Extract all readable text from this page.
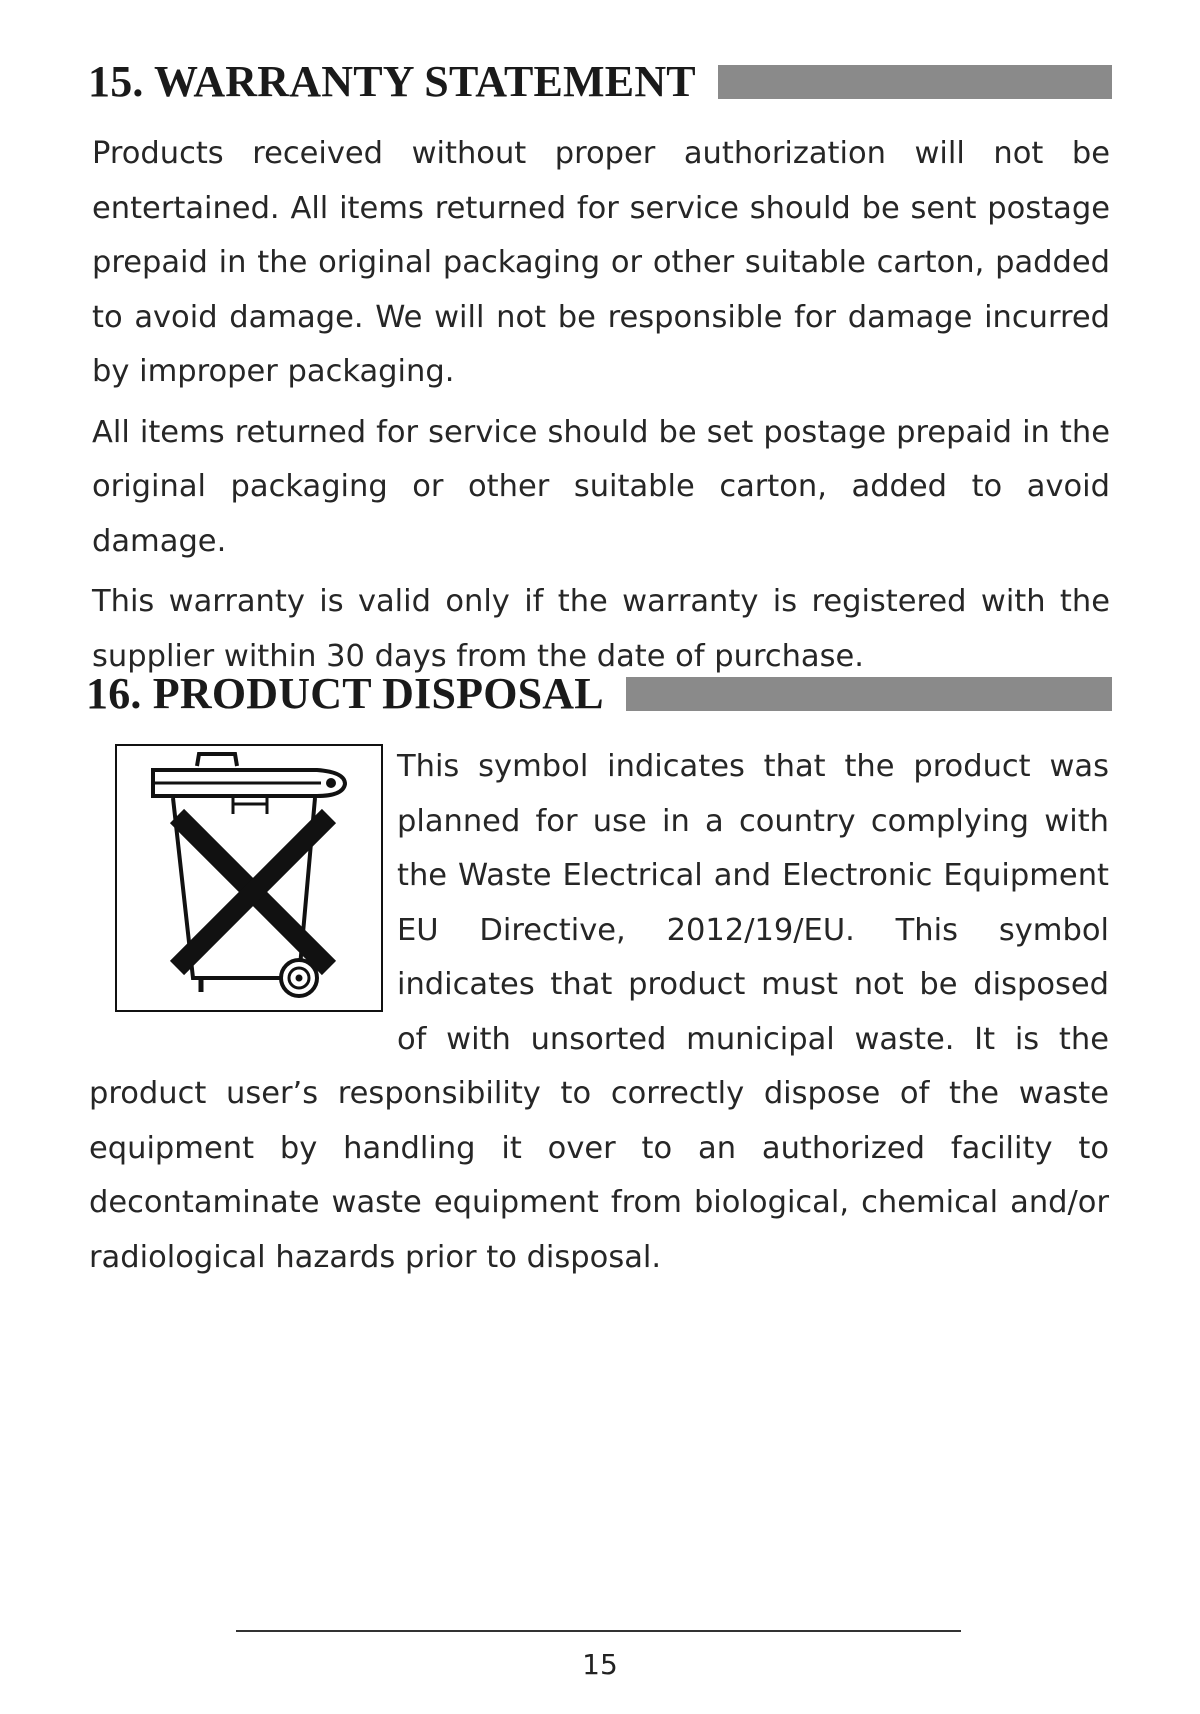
15. WARRANTY STATEMENT

Products received without proper authorization will not be entertained. All items returned for service should be sent postage prepaid in the original packaging or other suitable carton, padded to avoid damage. We will not be responsible for damage incurred by improper packaging.

All items returned for service should be set postage prepaid in the original packaging or other suitable carton, added to avoid damage.

This warranty is valid only if the warranty is registered with the supplier within 30 days from the date of purchase.

16. PRODUCT DISPOSAL

This symbol indicates that the product was planned for use in a country complying with the Waste Electrical and Electronic Equipment EU Directive, 2012/19/EU. This symbol indicates that product must not be disposed of with unsorted municipal waste. It is the product user’s responsibility to correctly dispose of the waste equipment by handling it over to an authorized facility to decontaminate waste equipment from biological, chemical and/or radiological hazards prior to disposal.

15
